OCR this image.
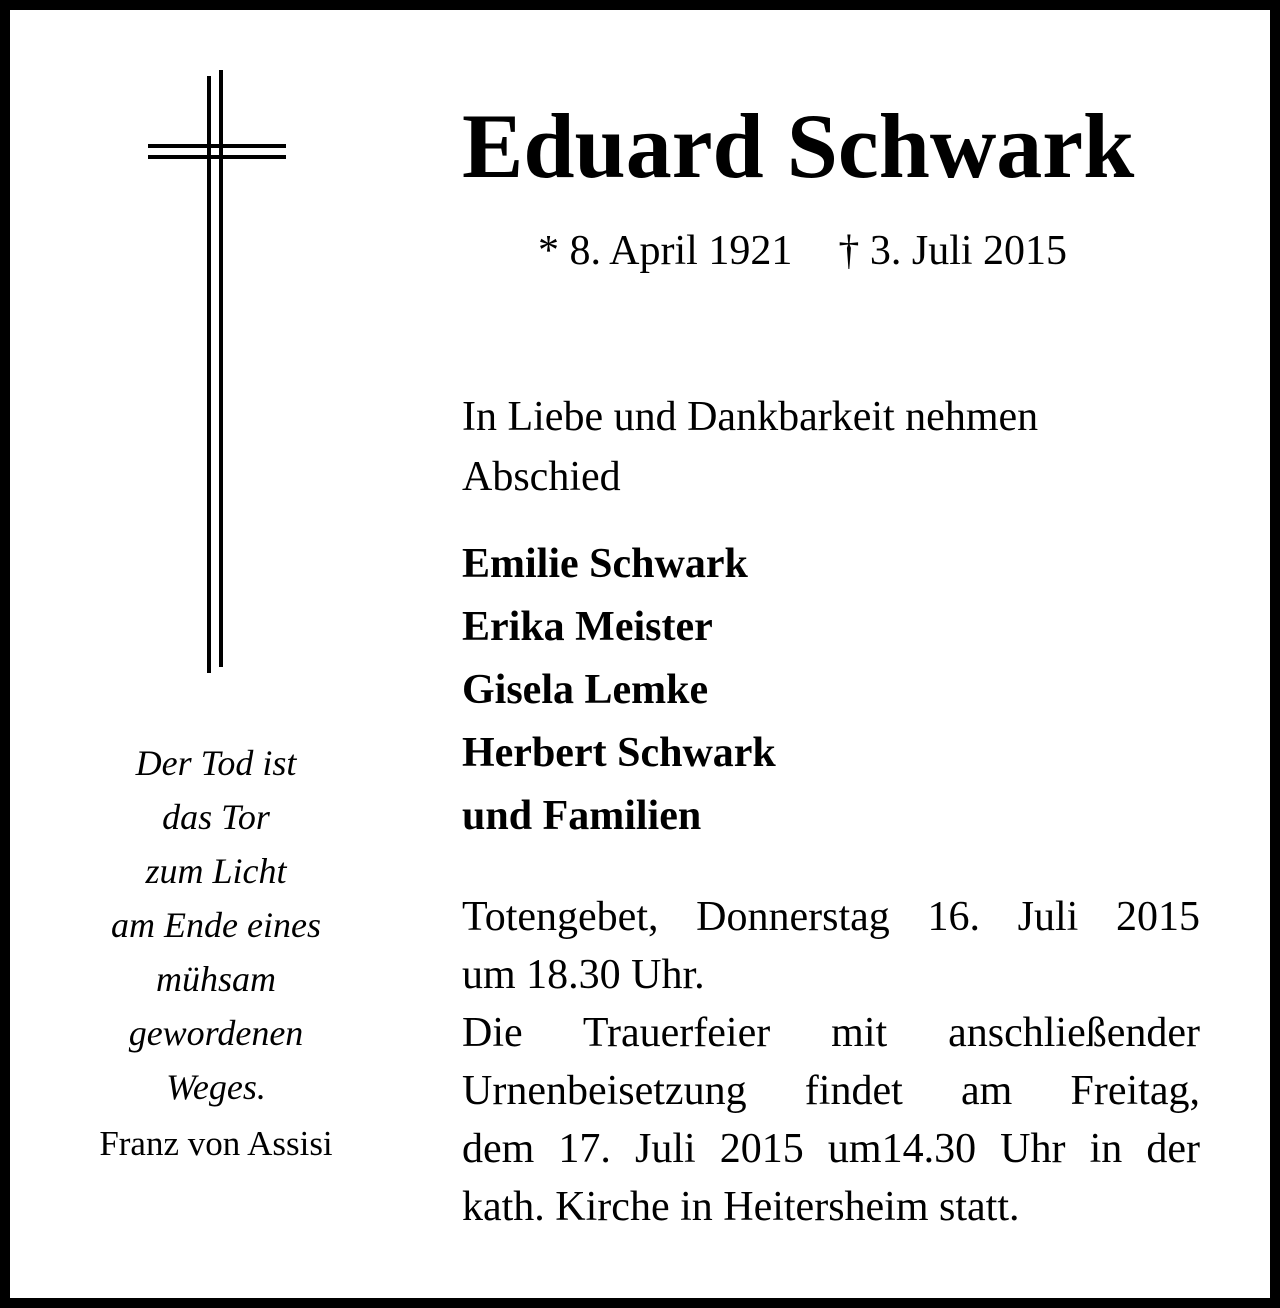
Der Tod ist
das Tor
zum Licht
am Ende eines
mühsam
gewordenen
Weges.
Franz von Assisi
Eduard Schwark
* 8. April 1921 † 3. Juli 2015
In Liebe und Dankbarkeit nehmen
Abschied
Emilie Schwark
Erika Meister
Gisela Lemke
Herbert Schwark
und Familien
Totengebet, Donnerstag 16. Juli 2015
um 18.30 Uhr.
Die Trauerfeier mit anschließender
Urnenbeisetzung findet am Freitag,
dem 17. Juli 2015 um14.30 Uhr in der
kath. Kirche in Heitersheim statt.
